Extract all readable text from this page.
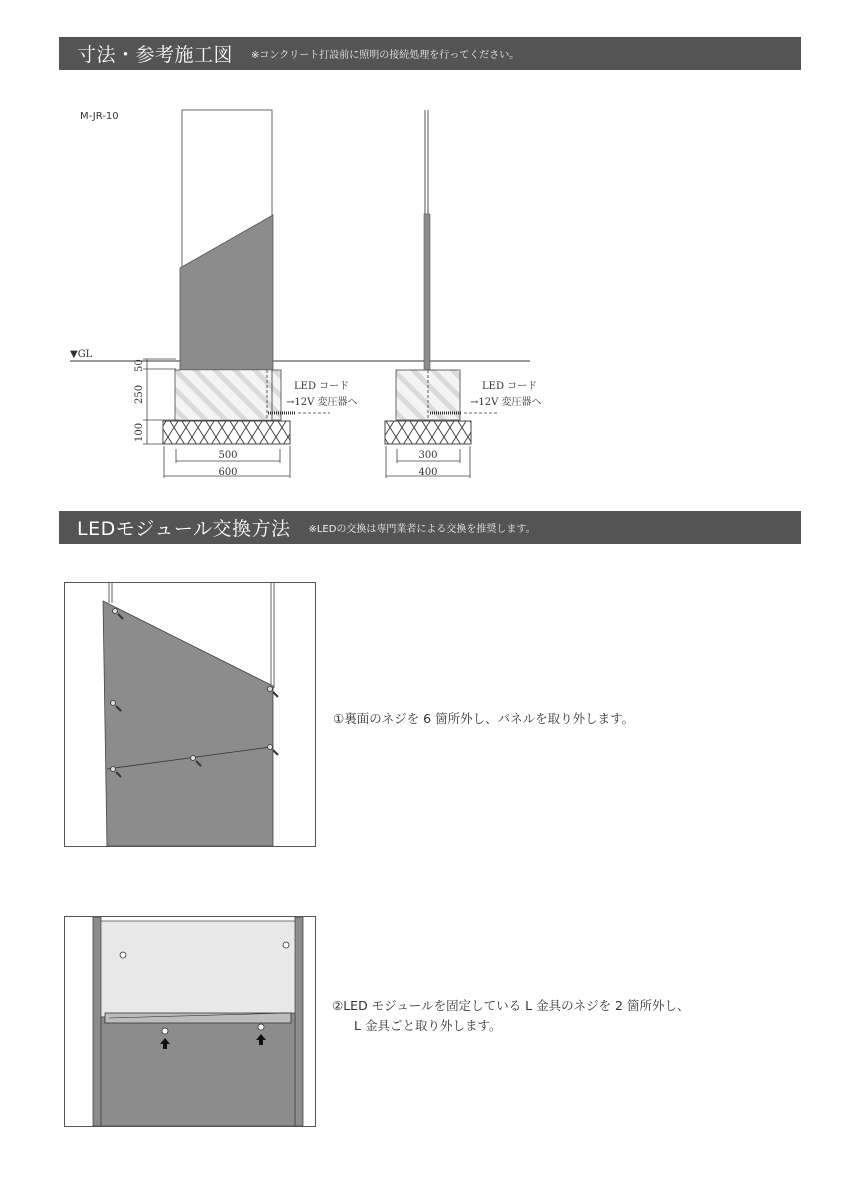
寸法・参考施工図 ※コンクリート打設前に照明の接続処理を行ってください。
M-JR-10
▼GL
LED コード
→12V 変圧器へ
50
250
100
500
600
LED コード
→12V 変圧器へ
300
400
LEDモジュール交換方法 ※LEDの交換は専門業者による交換を推奨します。
①裏面のネジを 6 箇所外し、パネルを取り外します。
②LED モジュールを固定している L 金具のネジを 2 箇所外し、
L 金具ごと取り外します。
